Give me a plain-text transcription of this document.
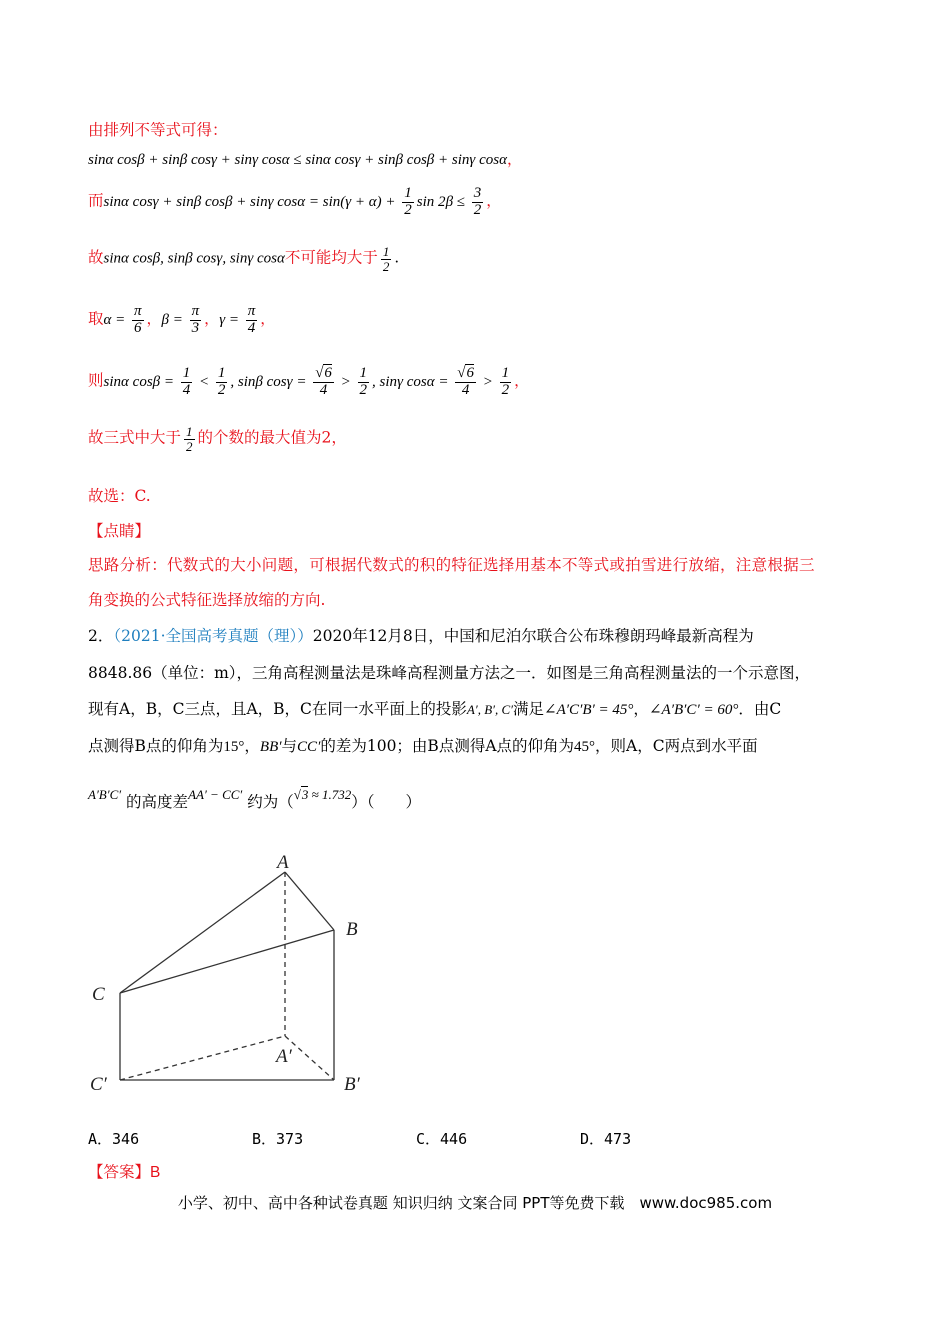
由排列不等式可得：
sinα cosβ + sinβ cosγ + sinγ cosα ≤ sinα cosγ + sinβ cosβ + sinγ cosα，
而sinα cosγ + sinβ cosβ + sinγ $\cos\alpha = \sin(\gamma + \alpha) + \frac{1}{2}$ $\sin 2\beta \le \frac{3}{2}$ ，
故sinα cosβ, sinβ cosγ, sinγ cosα不可能均大于 $\frac{1}{2}$ .
取$\alpha = \frac{\pi}{6}$ ，$\beta = \frac{\pi}{3}$ ，$\gamma = \frac{\pi}{4}$ ，
则sinα $\cos\beta = \frac{1}{4} < \frac{1}{2}$ , sinβ $\cos\gamma = \frac{√6}{4} > \frac{1}{2}$ , sinγ $\cos\alpha = \frac{√6}{4} > \frac{1}{2}$ ，
故三式中大于 $\frac{1}{2}$ 的个数的最大值为2，
故选：C.
【点睛】
思路分析：代数式的大小问题，可根据代数式的积的特征选择用基本不等式或拍雪进行放缩，注意根据三
角变换的公式特征选择放缩的方向.
2．（2021·全国高考真题（理））2020年12月8日，中国和尼泊尔联合公布珠穆朗玛峰最新高程为
8848.86（单位：m），三角高程测量法是珠峰高程测量方法之一．如图是三角高程测量法的一个示意图，
现有A，B，C三点，且A，B，C在同一水平面上的投影A′, B′, C′满足∠A′C′B′ = 45°，∠A′B′C′ = 60°．由C
点测得B点的仰角为15°，BB′与CC′的差为100；由B点测得A点的仰角为45°，则A，C两点到水平面
$^{A'B'C'}$ 的高度差$^{AA' - CC'}$ 约为（$^{√3 \approx 1.732}$）（　　）
A
B
C
A′
B′
C′
A．346	B．373	C．446	D．473
【答案】B
小学、初中、高中各种试卷真题 知识归纳 文案合同 PPT等免费下载　www.doc985.com
